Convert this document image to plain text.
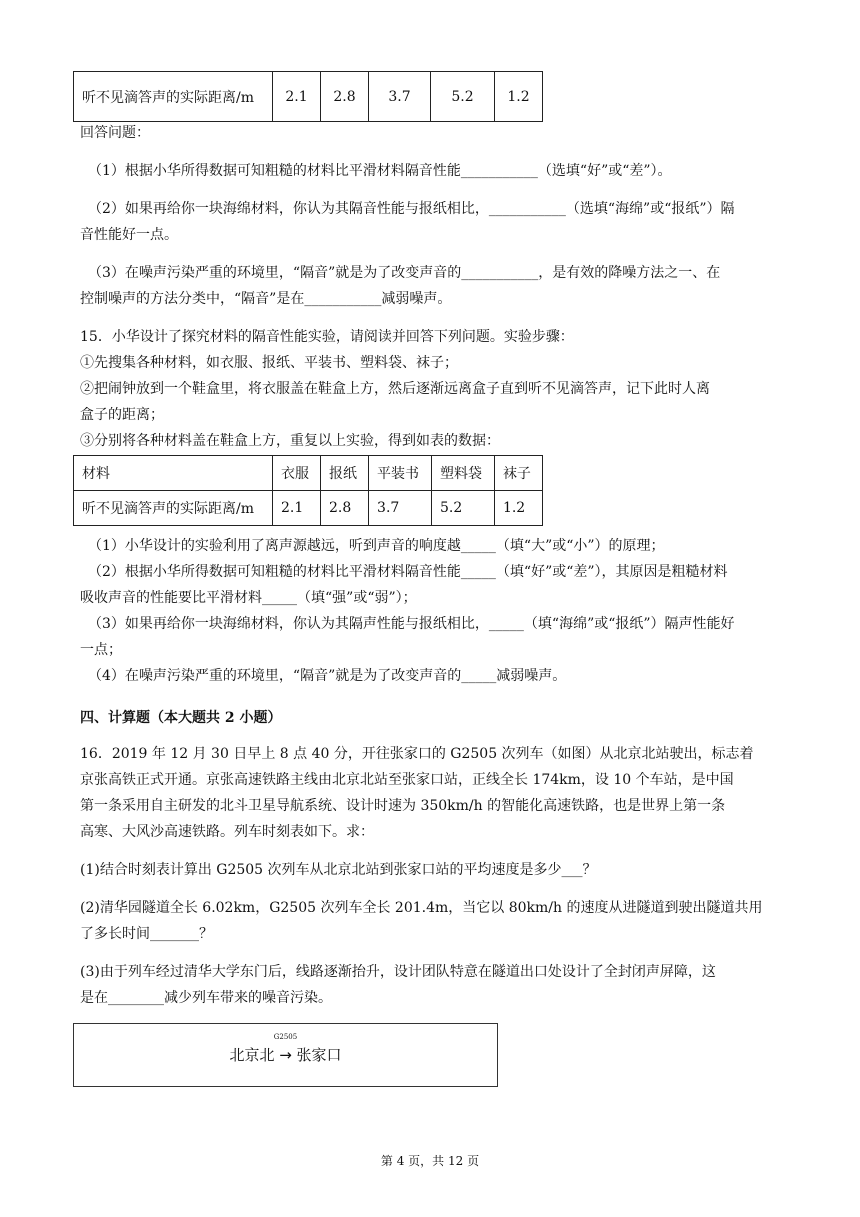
听不见滴答声的实际距离/m	2.1	2.8	3.7	5.2	1.2
回答问题：
（1）根据小华所得数据可知粗糙的材料比平滑材料隔音性能___________（选填“好”或“差”）。
（2）如果再给你一块海绵材料，你认为其隔音性能与报纸相比，___________（选填“海绵”或“报纸”）隔
音性能好一点。
（3）在噪声污染严重的环境里，“隔音”就是为了改变声音的___________，是有效的降噪方法之一、在
控制噪声的方法分类中，“隔音”是在___________减弱噪声。
15．小华设计了探究材料的隔音性能实验，请阅读并回答下列问题。实验步骤：
①先搜集各种材料，如衣服、报纸、平装书、塑料袋、袜子；
②把闹钟放到一个鞋盒里，将衣服盖在鞋盒上方，然后逐渐远离盒子直到听不见滴答声，记下此时人离
盒子的距离；
③分别将各种材料盖在鞋盒上方，重复以上实验，得到如表的数据：
材料	衣服	报纸	平装书	塑料袋	袜子
听不见滴答声的实际距离/m	2.1	2.8	3.7	5.2	1.2
（1）小华设计的实验利用了离声源越远，听到声音的响度越_____（填“大”或“小”）的原理；
（2）根据小华所得数据可知粗糙的材料比平滑材料隔音性能_____（填“好”或“差”），其原因是粗糙材料
吸收声音的性能要比平滑材料_____（填“强”或“弱”）；
（3）如果再给你一块海绵材料，你认为其隔声性能与报纸相比，_____（填“海绵”或“报纸”）隔声性能好
一点；
（4）在噪声污染严重的环境里，“隔音”就是为了改变声音的_____减弱噪声。
四、计算题（本大题共 2 小题）
16．2019 年 12 月 30 日早上 8 点 40 分，开往张家口的 G2505 次列车（如图）从北京北站驶出，标志着
京张高铁正式开通。京张高速铁路主线由北京北站至张家口站，正线全长 174km，设 10 个车站，是中国
第一条采用自主研发的北斗卫星导航系统、设计时速为 350km/h 的智能化高速铁路，也是世界上第一条
高寒、大风沙高速铁路。列车时刻表如下。求：
(1)结合时刻表计算出 G2505 次列车从北京北站到张家口站的平均速度是多少___？
(2)清华园隧道全长 6.02km，G2505 次列车全长 201.4m，当它以 80km/h 的速度从进隧道到驶出隧道共用
了多长时间_______？
(3)由于列车经过清华大学东门后，线路逐渐抬升，设计团队特意在隧道出口处设计了全封闭声屏障，这
是在________减少列车带来的噪音污染。
G2505
北京北 → 张家口
第 4 页，共 12 页
